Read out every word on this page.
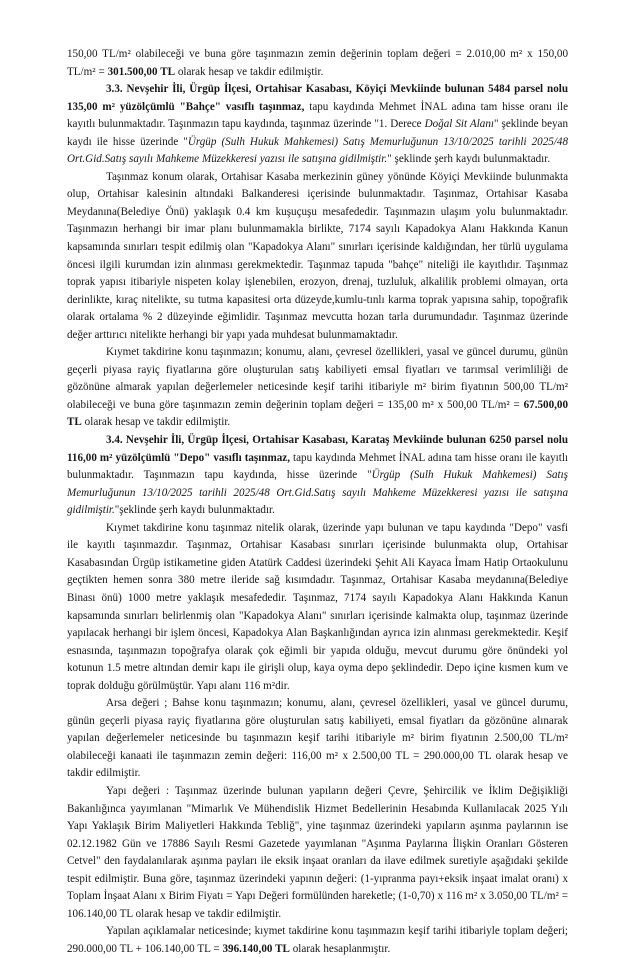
150,00 TL/m² olabileceği ve buna göre taşınmazın zemin değerinin toplam değeri = 2.010,00 m² x 150,00 TL/m² = 301.500,00 TL olarak hesap ve takdir edilmiştir.

3.3. Nevşehir İli, Ürgüp İlçesi, Ortahisar Kasabası, Köyiçi Mevkiinde bulunan 5484 parsel nolu 135,00 m² yüzölçümlü "Bahçe" vasıflı taşınmaz, tapu kaydında Mehmet İNAL adına tam hisse oranı ile kayıtlı bulunmaktadır. Taşınmazın tapu kaydında, taşınmaz üzerinde "1. Derece Doğal Sit Alanı" şeklinde beyan kaydı ile hisse üzerinde "Ürgüp (Sulh Hukuk Mahkemesi) Satış Memurluğunun 13/10/2025 tarihli 2025/48 Ort.Gid.Satış sayılı Mahkeme Müzekkeresi yazısı ile satışına gidilmiştir." şeklinde şerh kaydı bulunmaktadır.

Taşınmaz konum olarak, Ortahisar Kasaba merkezinin güney yönünde Köyiçi Mevkiinde bulunmakta olup, Ortahisar kalesinin altındaki Balkanderesi içerisinde bulunmaktadır. Taşınmaz, Ortahisar Kasaba Meydanına(Belediye Önü) yaklaşık 0.4 km kuşuçuşu mesafededir. Taşınmazın ulaşım yolu bulunmaktadır. Taşınmazın herhangi bir imar planı bulunmamakla birlikte, 7174 sayılı Kapadokya Alanı Hakkında Kanun kapsamında sınırları tespit edilmiş olan "Kapadokya Alanı" sınırları içerisinde kaldığından, her türlü uygulama öncesi ilgili kurumdan izin alınması gerekmektedir. Taşınmaz tapuda "bahçe" niteliği ile kayıtlıdır. Taşınmaz toprak yapısı itibariyle nispeten kolay işlenebilen, erozyon, drenaj, tuzluluk, alkalilik problemi olmayan, orta derinlikte, kıraç nitelikte, su tutma kapasitesi orta düzeyde,kumlu-tınlı karma toprak yapısına sahip, topoğrafik olarak ortalama % 2 düzeyinde eğimlidir. Taşınmaz mevcutta hozan tarla durumundadır. Taşınmaz üzerinde değer arttırıcı nitelikte herhangi bir yapı yada muhdesat bulunmamaktadır.

Kıymet takdirine konu taşınmazın; konumu, alanı, çevresel özellikleri, yasal ve güncel durumu, günün geçerli piyasa rayiç fiyatlarına göre oluşturulan satış kabiliyeti emsal fiyatları ve tarımsal verimliliği de gözönüne almarak yapılan değerlemeler neticesinde keşif tarihi itibariyle m² birim fiyatının 500,00 TL/m² olabileceği ve buna göre taşınmazın zemin değerinin toplam değeri = 135,00 m² x 500,00 TL/m² = 67.500,00 TL olarak hesap ve takdir edilmiştir.

3.4. Nevşehir İli, Ürgüp İlçesi, Ortahisar Kasabası, Karataş Mevkiinde bulunan 6250 parsel nolu 116,00 m² yüzölçümlü "Depo" vasıflı taşınmaz, tapu kaydında Mehmet İNAL adına tam hisse oranı ile kayıtlı bulunmaktadır. Taşınmazın tapu kaydında, hisse üzerinde "Ürgüp (Sulh Hukuk Mahkemesi) Satış Memurluğunun 13/10/2025 tarihli 2025/48 Ort.Gid.Satış sayılı Mahkeme Müzekkeresi yazısı ile satışına gidilmiştir."şeklinde şerh kaydı bulunmaktadır.

Kıymet takdirine konu taşınmaz nitelik olarak, üzerinde yapı bulunan ve tapu kaydında "Depo" vasfi ile kayıtlı taşınmazdır. Taşınmaz, Ortahisar Kasabası sınırları içerisinde bulunmakta olup, Ortahisar Kasabasından Ürgüp istikametine giden Atatürk Caddesi üzerindeki Şehit Ali Kayaca İmam Hatip Ortaokulunu geçtikten hemen sonra 380 metre ileride sağ kısımdadır. Taşınmaz, Ortahisar Kasaba meydanına(Belediye Binası önü) 1000 metre yaklaşık mesafededir. Taşınmaz, 7174 sayılı Kapadokya Alanı Hakkında Kanun kapsamında sınırları belirlenmiş olan "Kapadokya Alanı" sınırları içerisinde kalmakta olup, taşınmaz üzerinde yapılacak herhangi bir işlem öncesi, Kapadokya Alan Başkanlığından ayrıca izin alınması gerekmektedir. Keşif esnasında, taşınmazın topoğrafya olarak çok eğimli bir yapıda olduğu, mevcut durumu göre önündeki yol kotunun 1.5 metre altından demir kapı ile girişli olup, kaya oyma depo şeklindedir. Depo içine kısmen kum ve toprak dolduğu görülmüştür. Yapı alanı 116 m²dir.

Arsa değeri ; Bahse konu taşınmazın; konumu, alanı, çevresel özellikleri, yasal ve güncel durumu, günün geçerli piyasa rayiç fiyatlarına göre oluşturulan satış kabiliyeti, emsal fiyatları da gözönüne alınarak yapılan değerlemeler neticesinde bu taşınmazın keşif tarihi itibariyle m² birim fiyatının 2.500,00 TL/m² olabileceği kanaati ile taşınmazın zemin değeri: 116,00 m² x 2.500,00 TL = 290.000,00 TL olarak hesap ve takdir edilmiştir.

Yapı değeri : Taşınmaz üzerinde bulunan yapıların değeri Çevre, Şehircilik ve İklim Değişikliği Bakanlığınca yayımlanan "Mimarlık Ve Mühendislik Hizmet Bedellerinin Hesabında Kullanılacak 2025 Yılı Yapı Yaklaşık Birim Maliyetleri Hakkında Tebliğ", yine taşınmaz üzerindeki yapıların aşınma paylarının ise 02.12.1982 Gün ve 17886 Sayılı Resmi Gazetede yayımlanan "Aşınma Paylarına İlişkin Oranları Gösteren Cetvel" den faydalanılarak aşınma payları ile eksik inşaat oranları da ilave edilmek suretiyle aşağıdaki şekilde tespit edilmiştir. Buna göre, taşınmaz üzerindeki yapının değeri: (1-yıpranma payı+eksik inşaat imalat oranı) x Toplam İnşaat Alanı x Birim Fiyatı = Yapı Değeri formülünden hareketle; (1-0,70) x 116 m² x 3.050,00 TL/m² = 106.140,00 TL olarak hesap ve takdir edilmiştir.

Yapılan açıklamalar neticesinde; kıymet takdirine konu taşınmazın keşif tarihi itibariyle toplam değeri; 290.000,00 TL + 106.140,00 TL = 396.140,00 TL olarak hesaplanmıştır.
